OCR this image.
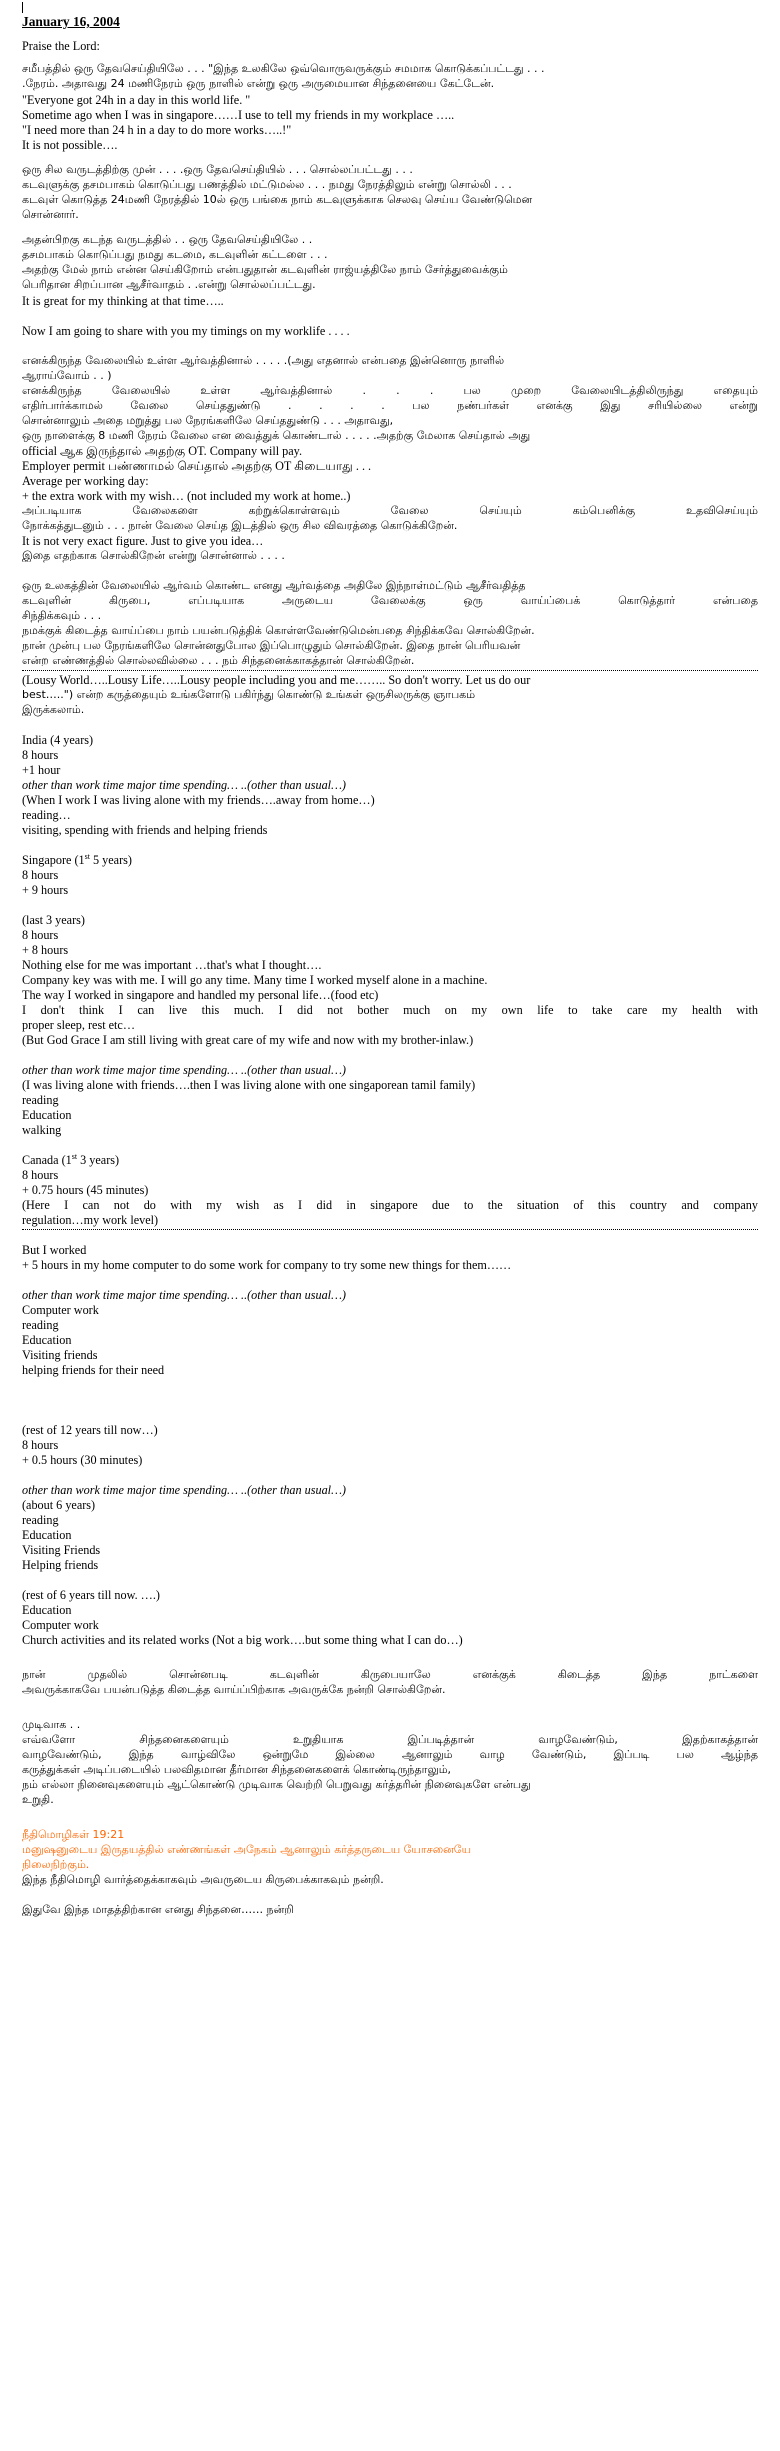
January 16, 2004
Praise the Lord:
சமீபத்தில் ஒரு தேவசெய்தியிலே . . . "இந்த உலகிலே ஒவ்வொருவருக்கும் சமமாக கொடுக்கப்பட்டது . . .
.நேரம். அதாவது 24 மணிநேரம் ஒரு நாளில் என்று ஒரு அருமையான சிந்தனையை கேட்டேன்.
"Everyone got 24h in a day in this world life. "
Sometime ago when I was in singapore……I use to tell my friends in my workplace …..
"I need more than 24 h in a day to do more works…..!"
It is not possible….
ஒரு சில வருடத்திற்கு முன் . . . .ஒரு தேவசெய்தியில் . . . சொல்லப்பட்டது . . .
கடவுளுக்கு தசமபாகம் கொடுப்பது பணத்தில் மட்டுமல்ல . . . நமது நேரத்திலும் என்று சொல்லி . . .
கடவுள் கொடுத்த 24மணி நேரத்தில் 10ல் ஒரு பங்கை நாம் கடவுளுக்காக செலவு செய்ய வேண்டுமென
சொன்னார்.
அதன்பிறகு கடந்த வருடத்தில் . . ஒரு தேவசெய்தியிலே . .
தசமபாகம் கொடுப்பது நமது கடமை, கடவுளின் கட்டளை . . .
அதற்கு மேல் நாம் என்ன செய்கிறோம் என்பதுதான் கடவுளின் ராஜ்யத்திலே நாம் சேர்த்துவைக்கும்
பெரிதான சிறப்பான ஆசீர்வாதம் . .என்று சொல்லப்பட்டது.
It is great for my thinking at that time…..
Now I am going to share with you my timings on my worklife . . . .
எனக்கிருந்த வேலையில் உள்ள ஆர்வத்தினால் . . . . .(அது எதனால் என்பதை இன்னொரு நாளில்
ஆராய்வோம் . . )
எனக்கிருந்த வேலையில் உள்ள ஆர்வத்தினால் . . . பல முறை வேலையிடத்திலிருந்து எதையும்
எதிர்பார்க்காமல் வேலை செய்ததுண்டு . . . . பல நண்பர்கள் எனக்கு இது சரியில்லை என்று
சொன்னாலும் அதை மறுத்து பல நேரங்களிலே செய்ததுண்டு . . . அதாவது,
ஒரு நாளைக்கு 8 மணி நேரம் வேலை என வைத்துக் கொண்டால் . . . . .அதற்கு மேலாக செய்தால் அது
official ஆக இருந்தால் அதற்கு OT. Company will pay.
Employer permit பண்ணாமல் செய்தால் அதற்கு OT கிடையாது . . .
Average per working day:
+ the extra work with my wish… (not included my work at home..)
அப்படியாக வேலைகளை கற்றுக்கொள்ளவும் வேலை செய்யும் கம்பெனிக்கு உதவிசெய்யும்
நோக்கத்துடனும் . . . நான் வேலை செய்த இடத்தில் ஒரு சில விவரத்தை கொடுக்கிறேன்.
It is not very exact figure. Just to give you idea…
இதை எதற்காக சொல்கிறேன் என்று சொன்னால் . . . .
ஒரு உலகத்தின் வேலையில் ஆர்வம் கொண்ட எனது ஆர்வத்தை அதிலே இந்நாள்மட்டும் ஆசீர்வதித்த
கடவுளின் கிருபை, எப்படியாக அருடைய வேலைக்கு ஒரு வாய்ப்பைக் கொடுத்தார் என்பதை
சிந்திக்கவும் . . .
நமக்குக் கிடைத்த வாய்ப்பை நாம் பயன்படுத்திக் கொள்ளவேண்டுமென்பதை சிந்திக்கவே சொல்கிறேன்.
நான் முன்பு பல நேரங்களிலே சொன்னதுபோல இப்பொழுதும் சொல்கிறேன். இதை நான் பெரியவன்
என்ற எண்ணத்தில் சொல்லவில்லை . . . நம் சிந்தனைக்காகத்தான் சொல்கிறேன்.
(Lousy World…..Lousy Life…..Lousy people including you and me…….. So don't worry. Let us do our
best…..") என்ற கருத்தையும் உங்களோடு பகிர்ந்து கொண்டு உங்கள் ஒருசிலருக்கு ஞாபகம்
இருக்கலாம்.
India (4 years)
8 hours
+1 hour
other than work time major time spending… ..(other than usual…)
(When I work I was living alone with my friends….away from home…)
reading…
visiting, spending with friends and helping friends
Singapore (1st 5 years)
8 hours
+ 9 hours
(last 3 years)
8 hours
+ 8 hours
Nothing else for me was important …that's what I thought….
Company key was with me. I will go any time. Many time I worked myself alone in a machine.
The way I worked in singapore and handled my personal life…(food etc)
I don't think I can live this much. I did not bother much on my own life to take care my health with
proper sleep, rest etc…
(But God Grace I am still living with great care of my wife and now with my brother-inlaw.)
other than work time major time spending… ..(other than usual…)
(I was living alone with friends….then I was living alone with one singaporean tamil family)
reading
Education
walking
Canada (1st 3 years)
8 hours
+ 0.75 hours (45 minutes)
(Here I can not do with my wish as I did in singapore due to the situation of this country and company
regulation…my work level)
But I worked
+ 5 hours in my home computer to do some work for company to try some new things for them……
other than work time major time spending… ..(other than usual…)
Computer work
reading
Education
Visiting friends
helping friends for their need
(rest of 12 years till now…)
8 hours
+ 0.5 hours (30 minutes)
other than work time major time spending… ..(other than usual…)
(about 6 years)
reading
Education
Visiting Friends
Helping friends
(rest of 6 years till now. ….)
Education
Computer work
Church activities and its related works (Not a big work….but some thing what I can do…)
நான் முதலில் சொன்னபடி கடவுளின் கிருபையாலே எனக்குக் கிடைத்த இந்த நாட்களை
அவருக்காகவே பயன்படுத்த கிடைத்த வாய்ப்பிற்காக அவருக்கே நன்றி சொல்கிறேன்.
முடிவாக . .
எவ்வளோ சிந்தனைகளையும் உறுதியாக இப்படித்தான் வாழவேண்டும், இதற்காகத்தான்
வாழவேண்டும், இந்த வாழ்விலே ஒன்றுமே இல்லை ஆனாலும் வாழ வேண்டும், இப்படி பல ஆழ்ந்த
கருத்துக்கள் அடிப்படையில் பலவிதமான தீர்மான சிந்தனைகளைக் கொண்டிருந்தாலும்,
நம் எல்லா நினைவுகளையும் ஆட்கொண்டு முடிவாக வெற்றி பெறுவது கர்த்தரின் நினைவுகளே என்பது
உறுதி.
நீதிமொழிகள் 19:21
மனுஷனுடைய இருதயத்தில் எண்ணங்கள் அநேகம் ஆனாலும் கர்த்தருடைய யோசனையே
நிலைநிற்கும்.
இந்த நீதிமொழி வார்த்தைக்காகவும் அவருடைய கிருபைக்காகவும் நன்றி.
இதுவே இந்த மாதத்திற்கான எனது சிந்தனை…… நன்றி
